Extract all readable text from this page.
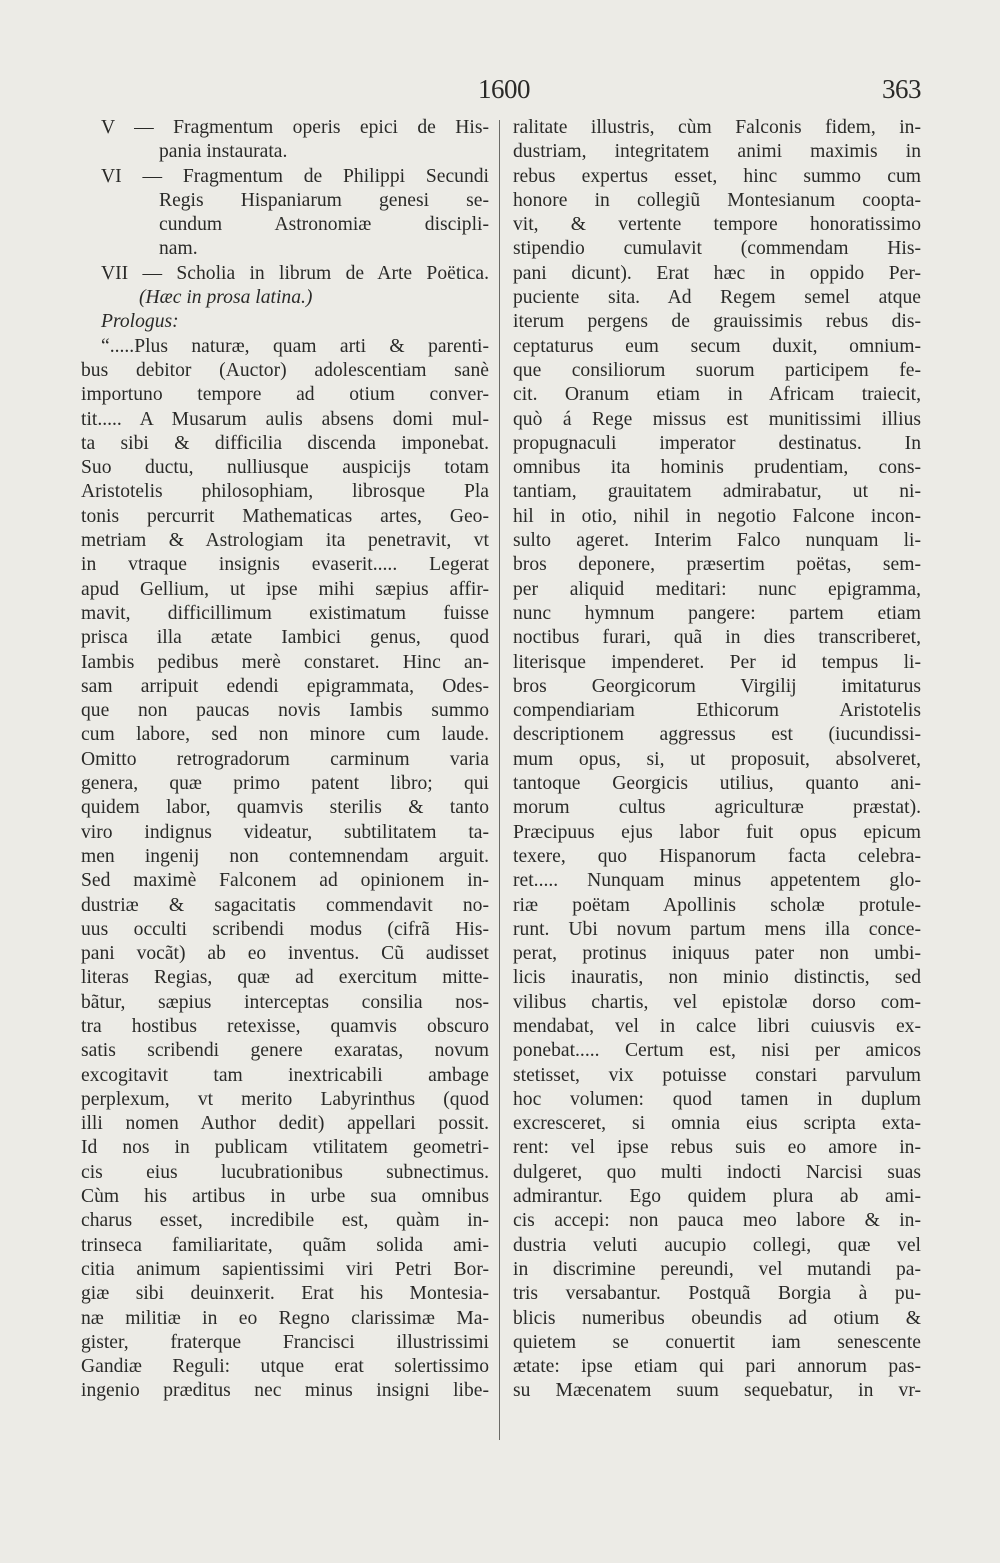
1600	363
V — Fragmentum operis epici de His-
pania instaurata.
VI — Fragmentum de Philippi Secundi
Regis Hispaniarum genesi se-
cundum Astronomiæ discipli-
nam.
VII — Scholia in librum de Arte Poëtica.
(Hæc in prosa latina.)
Prologus:
“.....Plus naturæ, quam arti & parenti-
bus debitor (Auctor) adolescentiam sanè
importuno tempore ad otium conver-
tit..... A Musarum aulis absens domi mul-
ta sibi & difficilia discenda imponebat.
Suo ductu, nulliusque auspicijs totam
Aristotelis philosophiam, librosque Pla
tonis percurrit Mathematicas artes, Geo-
metriam & Astrologiam ita penetravit, vt
in vtraque insignis evaserit..... Legerat
apud Gellium, ut ipse mihi sæpius affir-
mavit, difficillimum existimatum fuisse
prisca illa ætate Iambici genus, quod
Iambis pedibus merè constaret. Hinc an-
sam arripuit edendi epigrammata, Odes-
que non paucas novis Iambis summo
cum labore, sed non minore cum laude.
Omitto retrogradorum carminum varia
genera, quæ primo patent libro; qui
quidem labor, quamvis sterilis & tanto
viro indignus videatur, subtilitatem ta-
men ingenij non contemnendam arguit.
Sed maximè Falconem ad opinionem in-
dustriæ & sagacitatis commendavit no-
uus occulti scribendi modus (cifrã His-
pani vocãt) ab eo inventus. Cũ audisset
literas Regias, quæ ad exercitum mitte-
bãtur, sæpius interceptas consilia nos-
tra hostibus retexisse, quamvis obscuro
satis scribendi genere exaratas, novum
excogitavit tam inextricabili ambage
perplexum, vt merito Labyrinthus (quod
illi nomen Author dedit) appellari possit.
Id nos in publicam vtilitatem geometri-
cis eius lucubrationibus subnectimus.
Cùm his artibus in urbe sua omnibus
charus esset, incredibile est, quàm in-
trinseca familiaritate, quãm solida ami-
citia animum sapientissimi viri Petri Bor-
giæ sibi deuinxerit. Erat his Montesia-
næ militiæ in eo Regno clarissimæ Ma-
gister, fraterque Francisci illustrissimi
Gandiæ Reguli: utque erat solertissimo
ingenio præditus nec minus insigni libe-
ralitate illustris, cùm Falconis fidem, in-
dustriam, integritatem animi maximis in
rebus expertus esset, hinc summo cum
honore in collegiũ Montesianum coopta-
vit, & vertente tempore honoratissimo
stipendio cumulavit (commendam His-
pani dicunt). Erat hæc in oppido Per-
puciente sita. Ad Regem semel atque
iterum pergens de grauissimis rebus dis-
ceptaturus eum secum duxit, omnium-
que consiliorum suorum participem fe-
cit. Oranum etiam in Africam traiecit,
quò á Rege missus est munitissimi illius
propugnaculi imperator destinatus. In
omnibus ita hominis prudentiam, cons-
tantiam, grauitatem admirabatur, ut ni-
hil in otio, nihil in negotio Falcone incon-
sulto ageret. Interim Falco nunquam li-
bros deponere, præsertim poëtas, sem-
per aliquid meditari: nunc epigramma,
nunc hymnum pangere: partem etiam
noctibus furari, quã in dies transcriberet,
literisque impenderet. Per id tempus li-
bros Georgicorum Virgilij imitaturus
compendiariam Ethicorum Aristotelis
descriptionem aggressus est (iucundissi-
mum opus, si, ut proposuit, absolveret,
tantoque Georgicis utilius, quanto ani-
morum cultus agriculturæ præstat).
Præcipuus ejus labor fuit opus epicum
texere, quo Hispanorum facta celebra-
ret..... Nunquam minus appetentem glo-
riæ poëtam Apollinis scholæ protule-
runt. Ubi novum partum mens illa conce-
perat, protinus iniquus pater non umbi-
licis inauratis, non minio distinctis, sed
vilibus chartis, vel epistolæ dorso com-
mendabat, vel in calce libri cuiusvis ex-
ponebat..... Certum est, nisi per amicos
stetisset, vix potuisse constari parvulum
hoc volumen: quod tamen in duplum
excresceret, si omnia eius scripta exta-
rent: vel ipse rebus suis eo amore in-
dulgeret, quo multi indocti Narcisi suas
admirantur. Ego quidem plura ab ami-
cis accepi: non pauca meo labore & in-
dustria veluti aucupio collegi, quæ vel
in discrimine pereundi, vel mutandi pa-
tris versabantur. Postquã Borgia à pu-
blicis numeribus obeundis ad otium &
quietem se conuertit iam senescente
ætate: ipse etiam qui pari annorum pas-
su Mæcenatem suum sequebatur, in vr-
